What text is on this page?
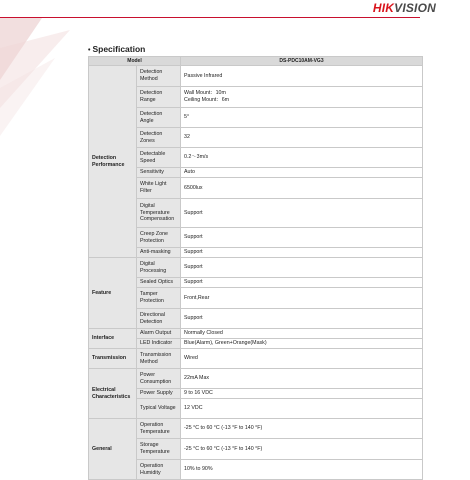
HIKVISION
• Specification
Model		DS-PDC10AM-VG3
Detection Performance	Detection Method	Passive Infrared
	Detection Range	Wall Mount：10m
Ceiling Mount：6m
	Detection Angle	5°
	Detection Zones	32
	Detectable Speed	0.2～3m/s
	Sensitivity	Auto
	White Light Filter	6500lux
	Digital Temperature Compensation	Support
	Creep Zone Protection	Support
	Anti-masking	Support
Feature	Digital Processing	Support
	Sealed Optics	Support
	Tamper Protection	Front,Rear
	Directional Detection	Support
Interface	Alarm Output	Normally Closed
	LED Indicator	Blue(Alarm), Green+Orange(Mask)
Transmission	Transmission Method	Wired
Electrical Characteristics	Power Consumption	22mA Max
	Power Supply	9 to 16 VDC
	Typical Voltage	12 VDC
General	Operation Temperature	-25 °C to 60 °C (-13 °F to 140 °F)
	Storage Temperature	-25 °C to 60 °C (-13 °F to 140 °F)
	Operation Humidity	10% to 90%
